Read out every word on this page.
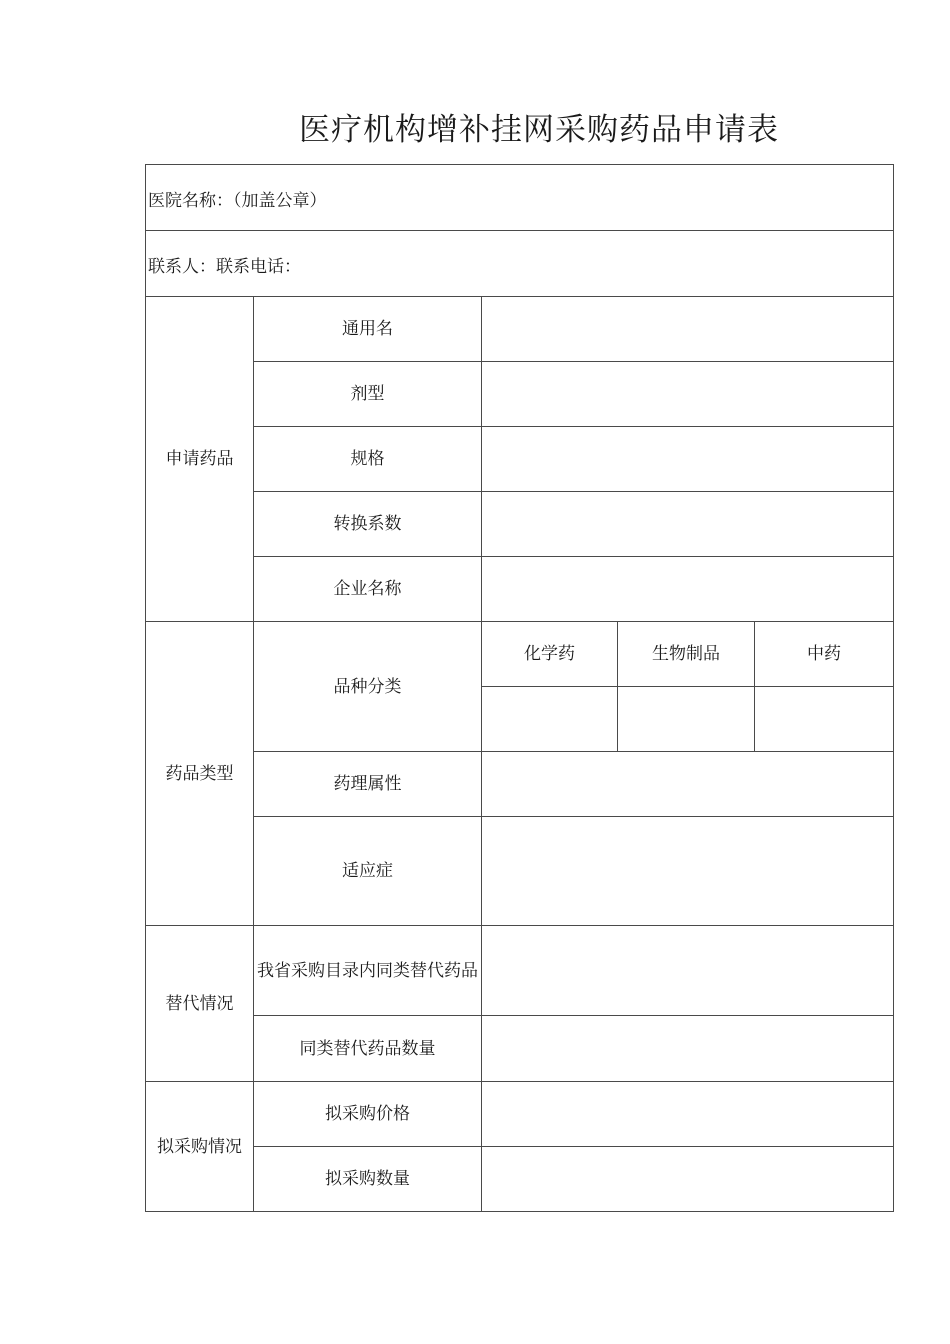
医疗机构增补挂网采购药品申请表
医院名称：（加盖公章）				
联系人：联系电话：				
申请药品	通用名			
	剂型			
	规格			
	转换系数			
	企业名称			
药品类型	品种分类	化学药	生物制品	中药

	药理属性			
	适应症			
替代情况	我省采购目录内同类替代药品			
	同类替代药品数量			
拟采购情况	拟采购价格			
	拟采购数量			
